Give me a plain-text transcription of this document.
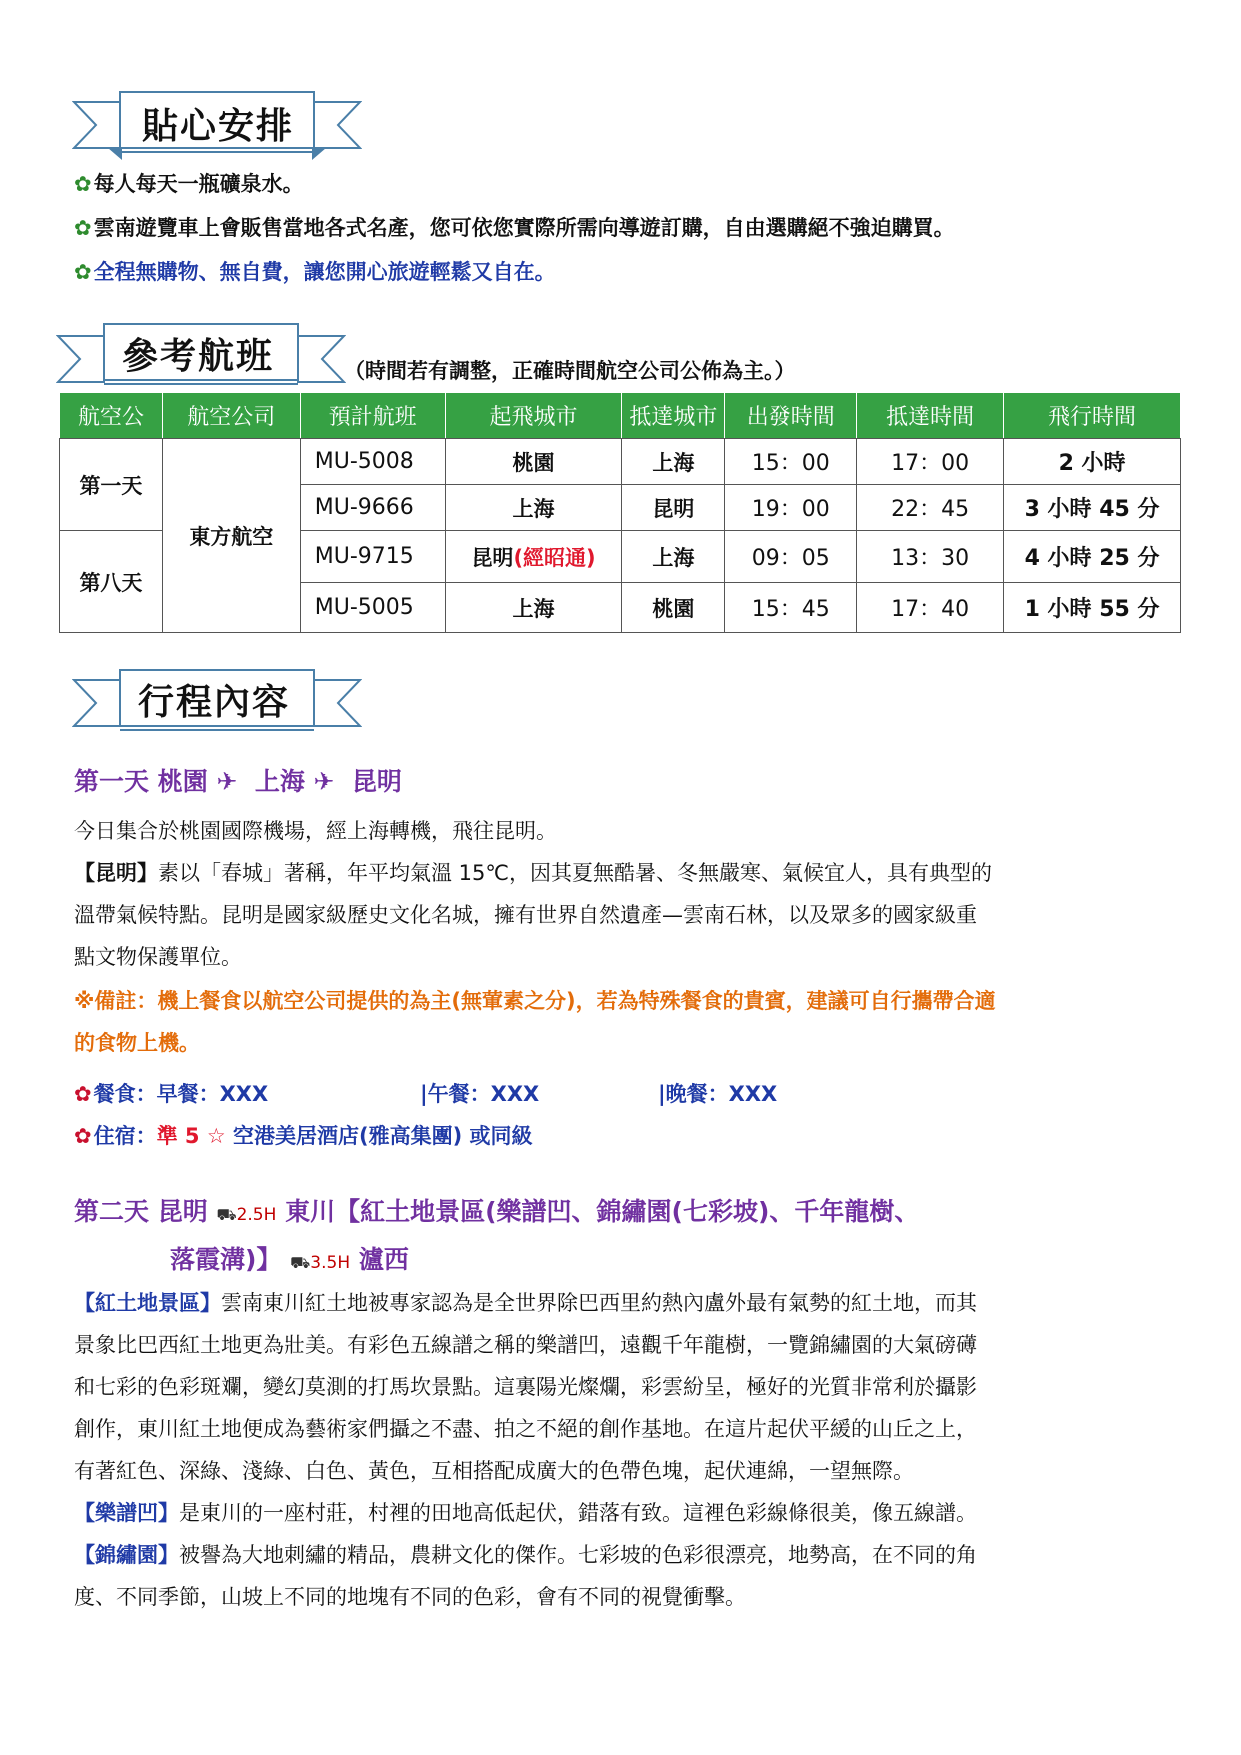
貼心安排
✿每人每天一瓶礦泉水。
✿雲南遊覽車上會販售當地各式名產，您可依您實際所需向導遊訂購，自由選購絕不強迫購買。
✿全程無購物、無自費，讓您開心旅遊輕鬆又自在。
參考航班	（時間若有調整，正確時間航空公司公佈為主。）
航空公	航空公司	預計航班	起飛城市	抵達城市	出發時間	抵達時間	飛行時間
第一天	東方航空	MU-5008	桃園	上海	15：00	17：00	2 小時
		MU-9666	上海	昆明	19：00	22：45	3 小時 45 分
第八天		MU-9715	昆明(經昭通)	上海	09：05	13：30	4 小時 25 分
		MU-5005	上海	桃園	15：45	17：40	1 小時 55 分
行程內容
第一天 桃園 ✈ 上海 ✈ 昆明
今日集合於桃園國際機場，經上海轉機，飛往昆明。
【昆明】素以「春城」著稱，年平均氣溫 15℃，因其夏無酷暑、冬無嚴寒、氣候宜人，具有典型的
溫帶氣候特點。昆明是國家級歷史文化名城，擁有世界自然遺產—雲南石林，以及眾多的國家級重
點文物保護單位。
※備註：機上餐食以航空公司提供的為主(無葷素之分)，若為特殊餐食的貴賓，建議可自行攜帶合適
的食物上機。
✿餐食：早餐：XXX	|午餐：XXX	|晚餐：XXX
✿住宿：準 5 ☆ 空港美居酒店(雅高集團) 或同級
第二天 昆明 ⛟2.5H 東川【紅土地景區(樂譜凹、錦繡園(七彩坡)、千年龍樹、
落霞溝)】 ⛟3.5H 瀘西
【紅土地景區】雲南東川紅土地被專家認為是全世界除巴西里約熱內盧外最有氣勢的紅土地，而其
景象比巴西紅土地更為壯美。有彩色五線譜之稱的樂譜凹，遠觀千年龍樹，一覽錦繡園的大氣磅礡
和七彩的色彩斑斕，變幻莫測的打馬坎景點。這裏陽光燦爛，彩雲紛呈，極好的光質非常利於攝影
創作，東川紅土地便成為藝術家們攝之不盡、拍之不絕的創作基地。在這片起伏平緩的山丘之上，
有著紅色、深綠、淺綠、白色、黃色，互相搭配成廣大的色帶色塊，起伏連綿，一望無際。
【樂譜凹】是東川的一座村莊，村裡的田地高低起伏，錯落有致。這裡色彩線條很美，像五線譜。
【錦繡園】被譽為大地刺繡的精品，農耕文化的傑作。七彩坡的色彩很漂亮，地勢高，在不同的角
度、不同季節，山坡上不同的地塊有不同的色彩，會有不同的視覺衝擊。
